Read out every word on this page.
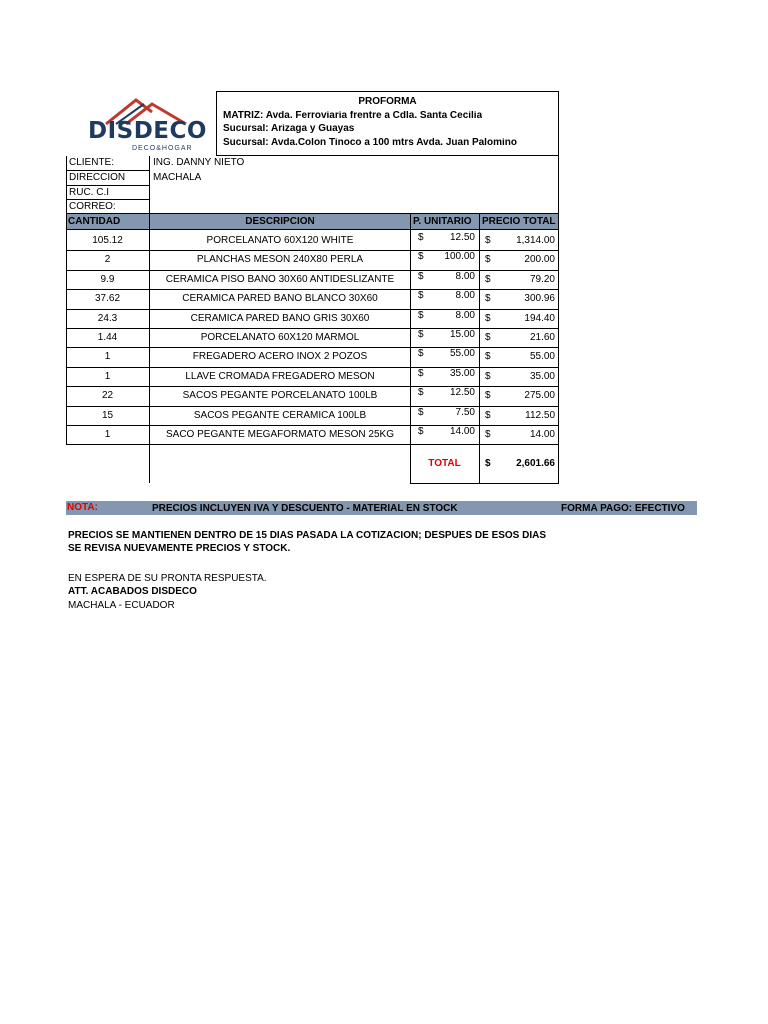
DISDECO
DECO&HOGAR
PROFORMA
MATRIZ: Avda. Ferroviaria frentre a Cdla. Santa Cecilia
Sucursal: Arizaga y Guayas
Sucursal: Avda.Colon Tinoco a 100 mtrs Avda. Juan Palomino
CLIENTE:	ING. DANNY NIETO
DIRECCION	MACHALA
RUC. C.I
CORREO:
CANTIDAD	DESCRIPCION	P. UNITARIO PRECIO TOTAL
105.12	PORCELANATO 60X120 WHITE	$	12.50 $	1,314.00
2	PLANCHAS MESON 240X80 PERLA	$	100.00 $	200.00
9.9	CERAMICA PISO BAÑO 30X60 ANTIDESLIZANTE	$	8.00 $	79.20
37.62	CERAMICA PARED BAÑO BLANCO 30X60	$	8.00 $	300.96
24.3	CERAMICA PARED BAÑO GRIS 30X60	$	8.00 $	194.40
1.44	PORCELANATO 60X120 MARMOL	$	15.00 $	21.60
1	FREGADERO ACERO INOX 2 POZOS	$	55.00 $	55.00
1	LLAVE CROMADA FREGADERO MESON	$	35.00 $	35.00
22	SACOS PEGANTE PORCELANATO 100LB	$	12.50 $	275.00
15	SACOS PEGANTE CERAMICA 100LB	$	7.50 $	112.50
1	SACO PEGANTE MEGAFORMATO MESON 25KG	$	14.00 $	14.00
TOTAL	$	2,601.66
NOTA:	PRECIOS INCLUYEN IVA Y DESCUENTO - MATERIAL EN STOCK	FORMA PAGO: EFECTIVO
PRECIOS SE MANTIENEN DENTRO DE 15 DIAS PASADA LA COTIZACION; DESPUES DE ESOS DIAS
SE REVISA NUEVAMENTE PRECIOS Y STOCK.
EN ESPERA DE SU PRONTA RESPUESTA.
ATT. ACABADOS DISDECO
MACHALA - ECUADOR
